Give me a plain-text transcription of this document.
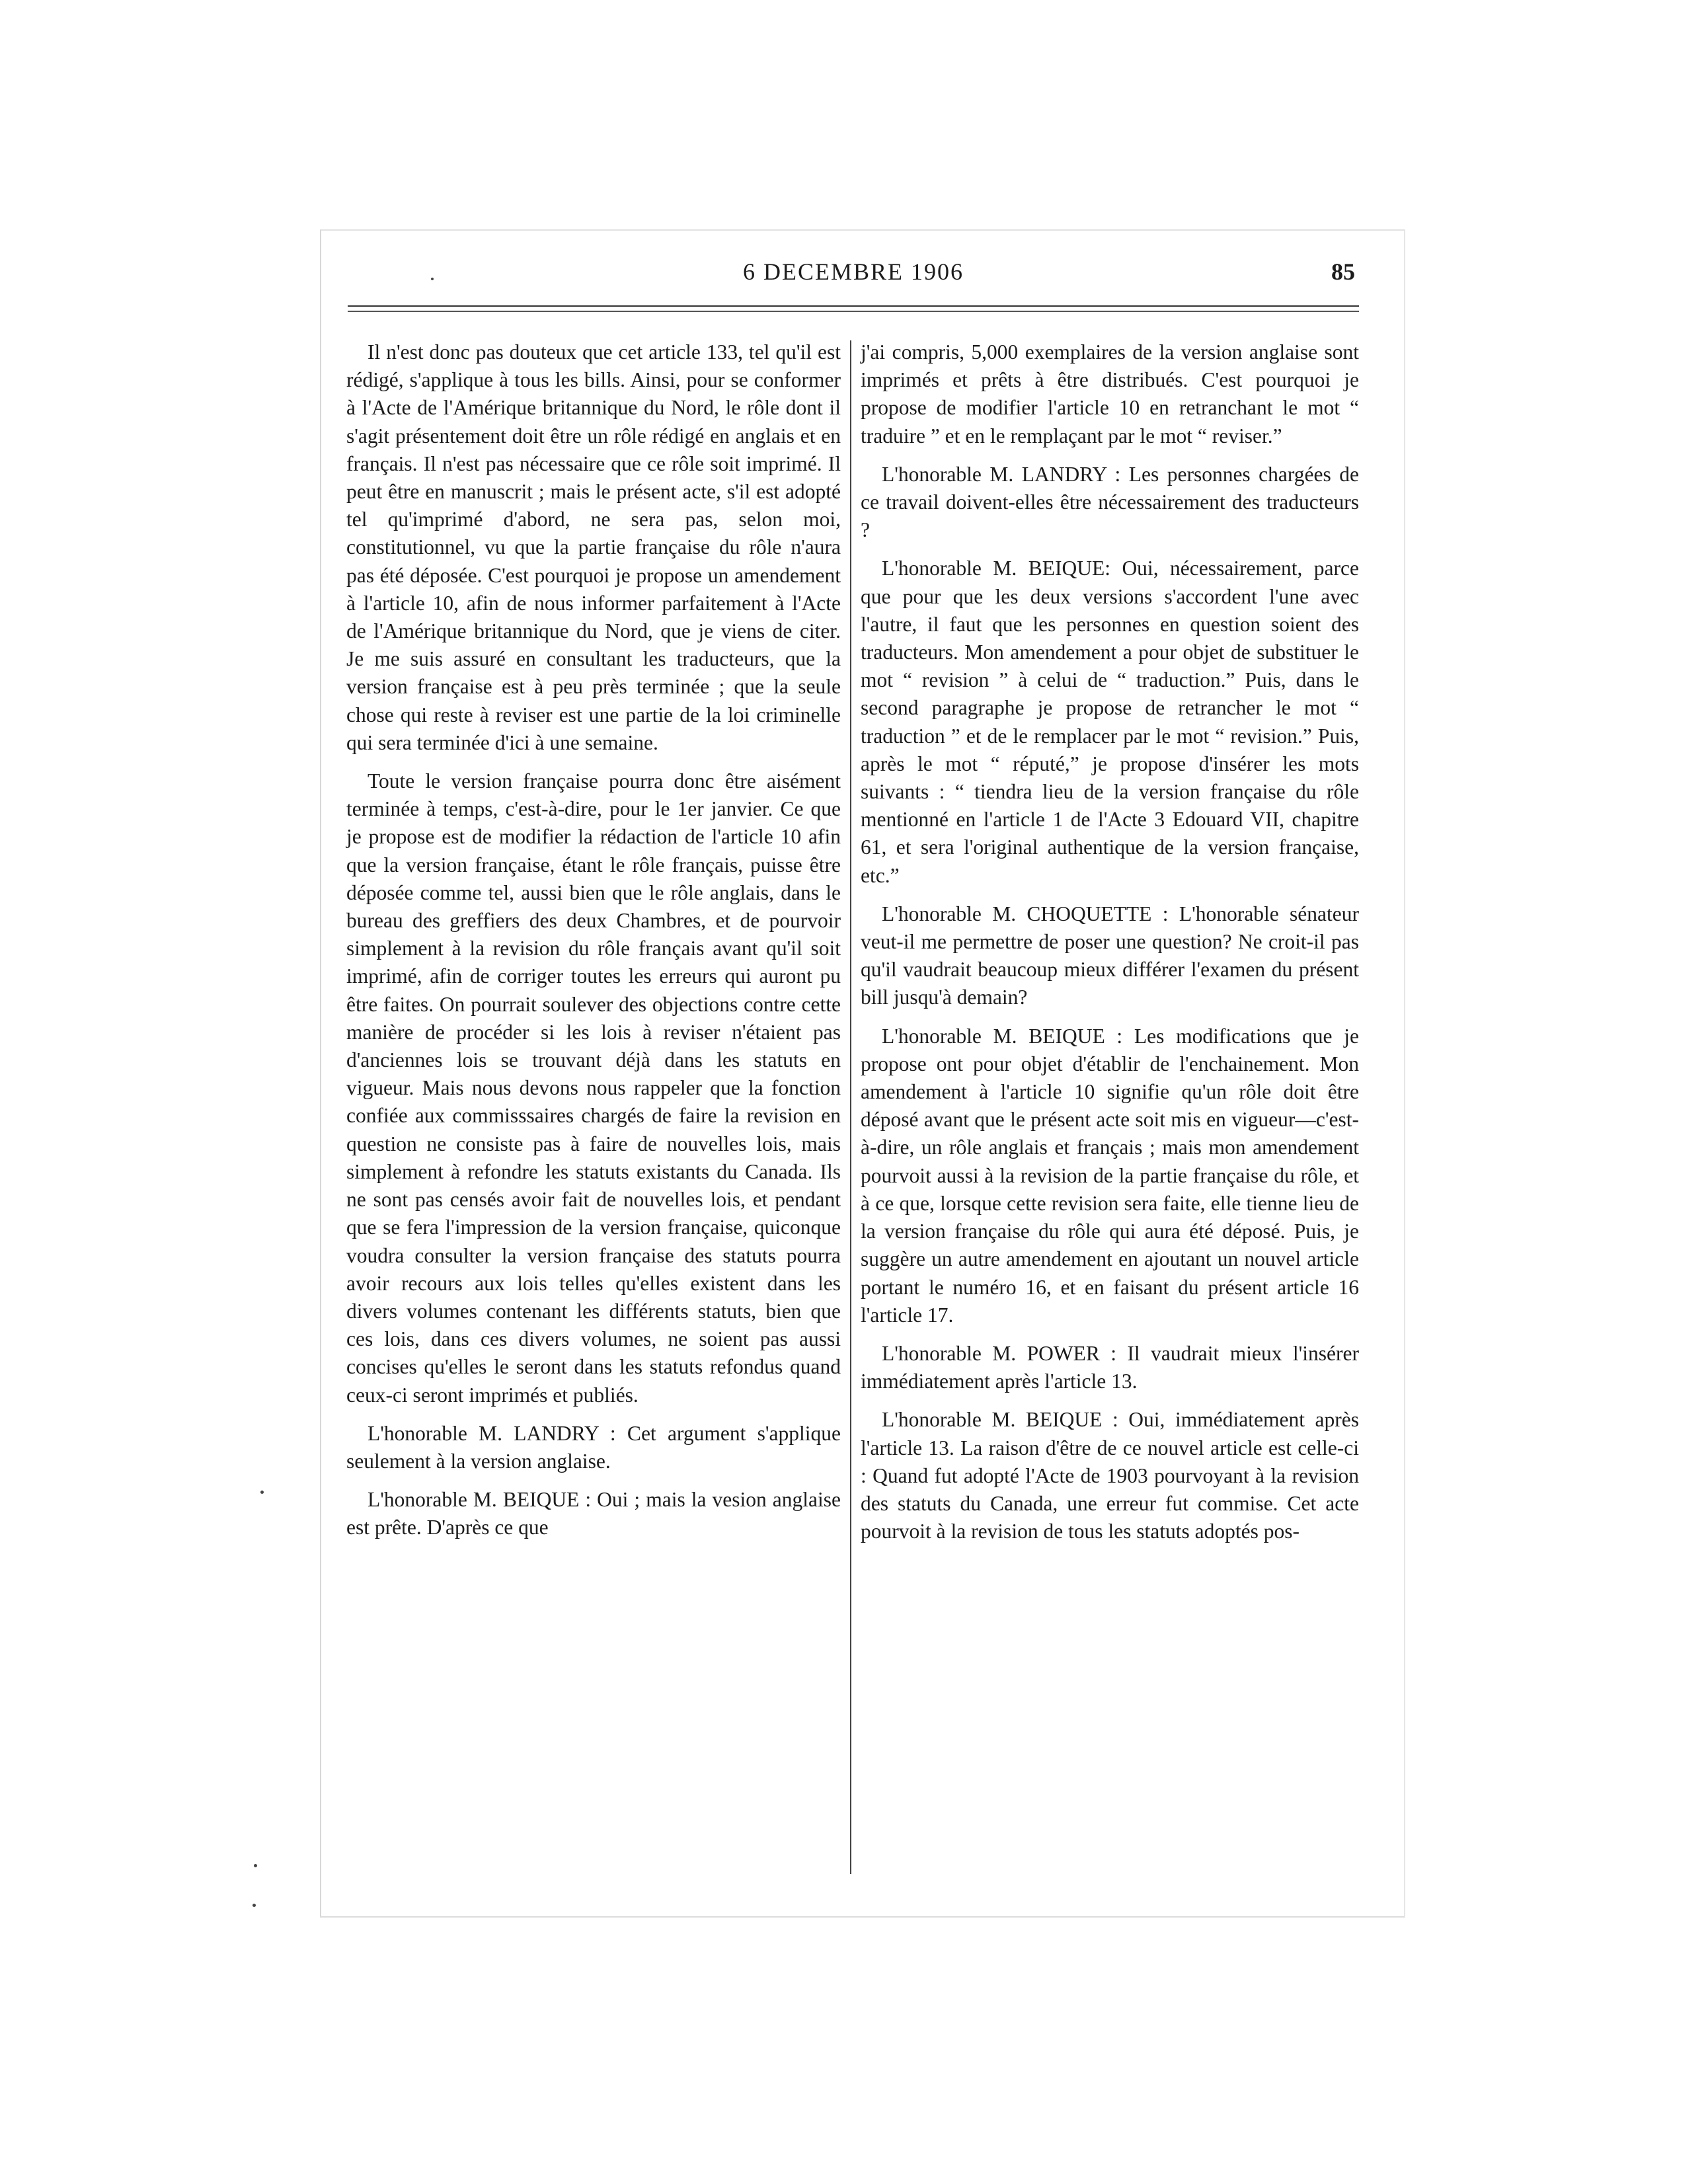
6 DECEMBRE 1906	85

Il n'est donc pas douteux que cet article 133, tel qu'il est rédigé, s'applique à tous les bills. Ainsi, pour se conformer à l'Acte de l'Amérique britannique du Nord, le rôle dont il s'agit présentement doit être un rôle rédigé en anglais et en français. Il n'est pas nécessaire que ce rôle soit imprimé. Il peut être en manuscrit ; mais le présent acte, s'il est adopté tel qu'imprimé d'abord, ne sera pas, selon moi, constitutionnel, vu que la partie française du rôle n'aura pas été déposée. C'est pourquoi je propose un amendement à l'article 10, afin de nous informer parfaitement à l'Acte de l'Amérique britannique du Nord, que je viens de citer. Je me suis assuré en consultant les traducteurs, que la version française est à peu près terminée ; que la seule chose qui reste à reviser est une partie de la loi criminelle qui sera terminée d'ici à une semaine.

Toute le version française pourra donc être aisément terminée à temps, c'est-à-dire, pour le 1er janvier. Ce que je propose est de modifier la rédaction de l'article 10 afin que la version française, étant le rôle français, puisse être déposée comme tel, aussi bien que le rôle anglais, dans le bureau des greffiers des deux Chambres, et de pourvoir simplement à la revision du rôle français avant qu'il soit imprimé, afin de corriger toutes les erreurs qui auront pu être faites. On pourrait soulever des objections contre cette manière de procéder si les lois à reviser n'étaient pas d'anciennes lois se trouvant déjà dans les statuts en vigueur. Mais nous devons nous rappeler que la fonction confiée aux commisssaires chargés de faire la revision en question ne consiste pas à faire de nouvelles lois, mais simplement à refondre les statuts existants du Canada. Ils ne sont pas censés avoir fait de nouvelles lois, et pendant que se fera l'impression de la version française, quiconque voudra consulter la version française des statuts pourra avoir recours aux lois telles qu'elles existent dans les divers volumes contenant les différents statuts, bien que ces lois, dans ces divers volumes, ne soient pas aussi concises qu'elles le seront dans les statuts refondus quand ceux-ci seront imprimés et publiés.

L'honorable M. LANDRY : Cet argument s'applique seulement à la version anglaise.

L'honorable M. BEIQUE : Oui ; mais la vesion anglaise est prête. D'après ce que

j'ai compris, 5,000 exemplaires de la version anglaise sont imprimés et prêts à être distribués. C'est pourquoi je propose de modifier l'article 10 en retranchant le mot “ traduire ” et en le remplaçant par le mot “ reviser.”

L'honorable M. LANDRY : Les personnes chargées de ce travail doivent-elles être nécessairement des traducteurs ?

L'honorable M. BEIQUE: Oui, nécessairement, parce que pour que les deux versions s'accordent l'une avec l'autre, il faut que les personnes en question soient des traducteurs. Mon amendement a pour objet de substituer le mot “ revision ” à celui de “ traduction.” Puis, dans le second paragraphe je propose de retrancher le mot “ traduction ” et de le remplacer par le mot “ revision.” Puis, après le mot “ réputé,” je propose d'insérer les mots suivants : “ tiendra lieu de la version française du rôle mentionné en l'article 1 de l'Acte 3 Edouard VII, chapitre 61, et sera l'original authentique de la version française, etc.”

L'honorable M. CHOQUETTE : L'honorable sénateur veut-il me permettre de poser une question? Ne croit-il pas qu'il vaudrait beaucoup mieux différer l'examen du présent bill jusqu'à demain?

L'honorable M. BEIQUE : Les modifications que je propose ont pour objet d'établir de l'enchainement. Mon amendement à l'article 10 signifie qu'un rôle doit être déposé avant que le présent acte soit mis en vigueur—c'est-à-dire, un rôle anglais et français ; mais mon amendement pourvoit aussi à la revision de la partie française du rôle, et à ce que, lorsque cette revision sera faite, elle tienne lieu de la version française du rôle qui aura été déposé. Puis, je suggère un autre amendement en ajoutant un nouvel article portant le numéro 16, et en faisant du présent article 16 l'article 17.

L'honorable M. POWER : Il vaudrait mieux l'insérer immédiatement après l'article 13.

L'honorable M. BEIQUE : Oui, immédiatement après l'article 13. La raison d'être de ce nouvel article est celle-ci : Quand fut adopté l'Acte de 1903 pourvoyant à la revision des statuts du Canada, une erreur fut commise. Cet acte pourvoit à la revision de tous les statuts adoptés pos-
